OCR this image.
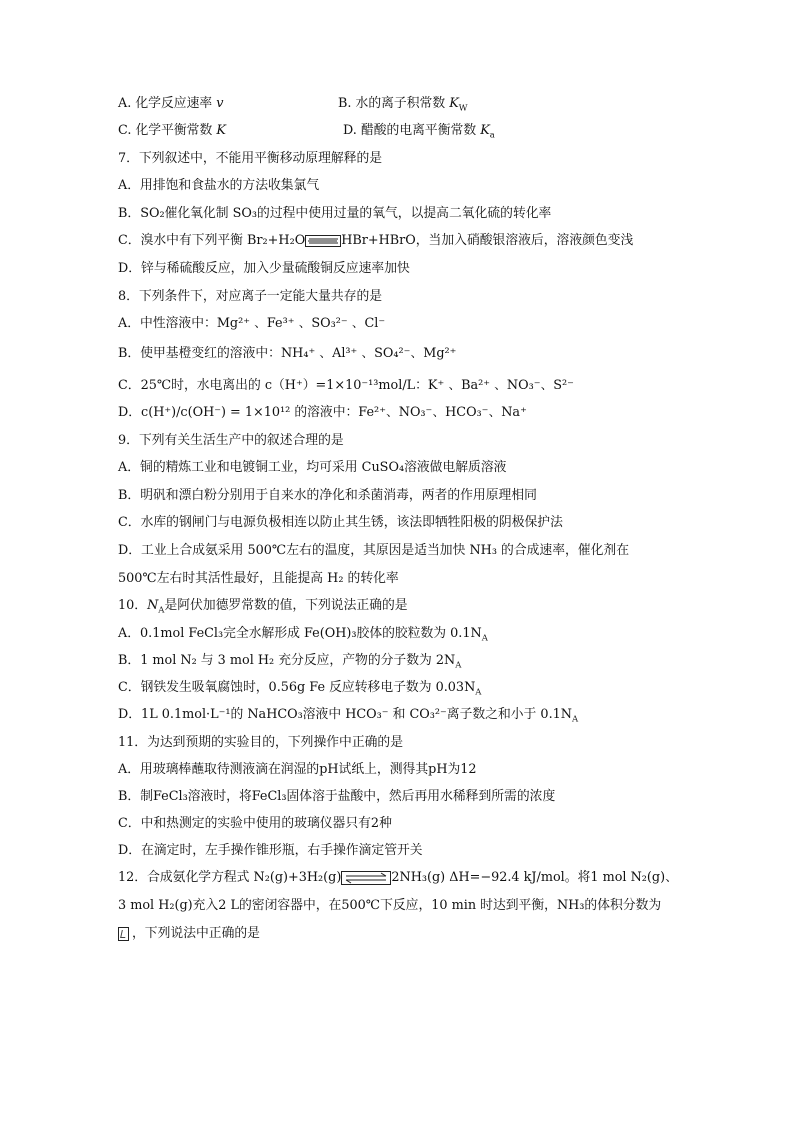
A. 化学反应速率 v	B. 水的离子积常数 $K_W$
C. 化学平衡常数 K	D. 醋酸的电离平衡常数 $K_a$
7．下列叙述中，不能用平衡移动原理解释的是
A．用排饱和食盐水的方法收集氯气
B．SO₂催化氧化制 SO₃的过程中使用过量的氧气，以提高二氧化硫的转化率
C．溴水中有下列平衡 Br₂+H₂O	HBr+HBrO，当加入硝酸银溶液后，溶液颜色变浅
D．锌与稀硫酸反应，加入少量硫酸铜反应速率加快
8．下列条件下，对应离子一定能大量共存的是
A．中性溶液中：Mg²⁺ 、Fe³⁺ 、SO₃²⁻ 、Cl⁻
B．使甲基橙变红的溶液中：NH₄⁺ 、Al³⁺ 、SO₄²⁻、Mg²⁺
C．25℃时，水电离出的 c（H⁺）=1×10⁻¹³mol/L：K⁺ 、Ba²⁺ 、NO₃⁻、S²⁻
D．c(H⁺)/c(OH⁻) = 1×10¹² 的溶液中：Fe²⁺、NO₃⁻、HCO₃⁻、Na⁺
9．下列有关生活生产中的叙述合理的是
A．铜的精炼工业和电镀铜工业，均可采用 CuSO₄溶液做电解质溶液
B．明矾和漂白粉分别用于自来水的净化和杀菌消毒，两者的作用原理相同
C．水库的钢闸门与电源负极相连以防止其生锈，该法即牺牲阳极的阴极保护法
D．工业上合成氨采用 500℃左右的温度，其原因是适当加快 NH₃ 的合成速率，催化剂在
500℃左右时其活性最好，且能提高 H₂ 的转化率
10．$N_A$是阿伏加德罗常数的值，下列说法正确的是
A．0.1mol FeCl₃完全水解形成 Fe(OH)₃胶体的胶粒数为 $0.1N_A$
B．1 mol N₂ 与 3 mol H₂ 充分反应，产物的分子数为 $2N_A$
C．钢铁发生吸氧腐蚀时，0.56g Fe 反应转移电子数为 $0.03N_A$
D．1L 0.1mol·L⁻¹的 NaHCO₃溶液中 HCO₃⁻ 和 CO₃²⁻离子数之和小于 $0.1N_A$
11．为达到预期的实验目的，下列操作中正确的是
A．用玻璃棒蘸取待测液滴在润湿的pH试纸上，测得其pH为12
B．制FeCl₃溶液时，将FeCl₃固体溶于盐酸中，然后再用水稀释到所需的浓度
C．中和热测定的实验中使用的玻璃仪器只有2种
D．在滴定时，左手操作锥形瓶，右手操作滴定管开关
12．合成氨化学方程式 N₂(g)+3H₂(g)	2NH₃(g) ΔH=−92.4 kJ/mol。将1 mol N₂(g)、
3 mol H₂(g)充入2 L的密闭容器中，在500℃下反应，10 min 时达到平衡，NH₃的体积分数为
，下列说法中正确的是
